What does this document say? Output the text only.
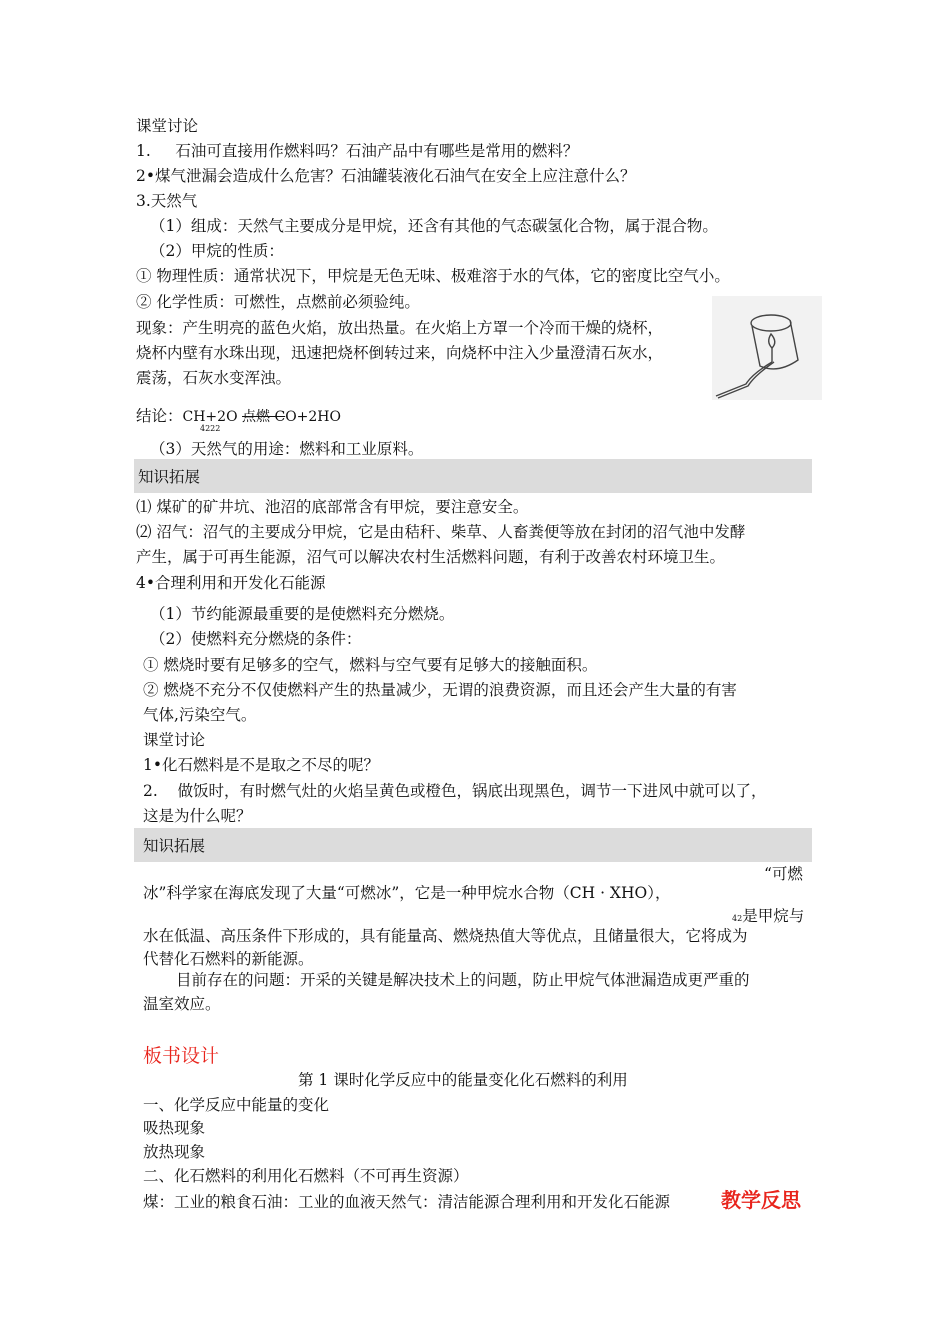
课堂讨论
1.     石油可直接用作燃料吗？石油产品中有哪些是常用的燃料？
2•煤气泄漏会造成什么危害？石油罐装液化石油气在安全上应注意什么？
3.天然气
（1）组成：天然气主要成分是甲烷，还含有其他的气态碳氢化合物，属于混合物。
（2）甲烷的性质：
① 物理性质：通常状况下，甲烷是无色无味、极难溶于水的气体，它的密度比空气小。
② 化学性质：可燃性，点燃前必须验纯。
现象：产生明亮的蓝色火焰，放出热量。在火焰上方罩一个冷而干燥的烧杯，
烧杯内壁有水珠出现，迅速把烧杯倒转过来，向烧杯中注入少量澄清石灰水，
震荡，石灰水变浑浊。
结论：CH+2O 点燃 CO+2HO
4222
（3）天然气的用途：燃料和工业原料。
知识拓展
⑴ 煤矿的矿井坑、池沼的底部常含有甲烷，要注意安全。
⑵ 沼气：沼气的主要成分甲烷，它是由秸秆、柴草、人畜粪便等放在封闭的沼气池中发酵
产生，属于可再生能源，沼气可以解决农村生活燃料问题，有利于改善农村环境卫生。
4•合理利用和开发化石能源
（1）节约能源最重要的是使燃料充分燃烧。
（2）使燃料充分燃烧的条件：
① 燃烧时要有足够多的空气，燃料与空气要有足够大的接触面积。
② 燃烧不充分不仅使燃料产生的热量减少，无谓的浪费资源，而且还会产生大量的有害
气体,污染空气。
课堂讨论
1•化石燃料是不是取之不尽的呢？
2.    做饭时，有时燃气灶的火焰呈黄色或橙色，锅底出现黑色，调节一下进风中就可以了，
这是为什么呢？
知识拓展
“可燃
冰”科学家在海底发现了大量“可燃冰”，它是一种甲烷水合物（CH · XHO），
42是甲烷与
水在低温、高压条件下形成的，具有能量高、燃烧热值大等优点，且储量很大，它将成为
代替化石燃料的新能源。
目前存在的问题：开采的关键是解决技术上的问题，防止甲烷气体泄漏造成更严重的
温室效应。
板书设计
第 1 课时化学反应中的能量变化化石燃料的利用
一、化学反应中能量的变化
吸热现象
放热现象
二、化石燃料的利用化石燃料（不可再生资源）
煤：工业的粮食石油：工业的血液天然气：清洁能源合理利用和开发化石能源	教学反思
